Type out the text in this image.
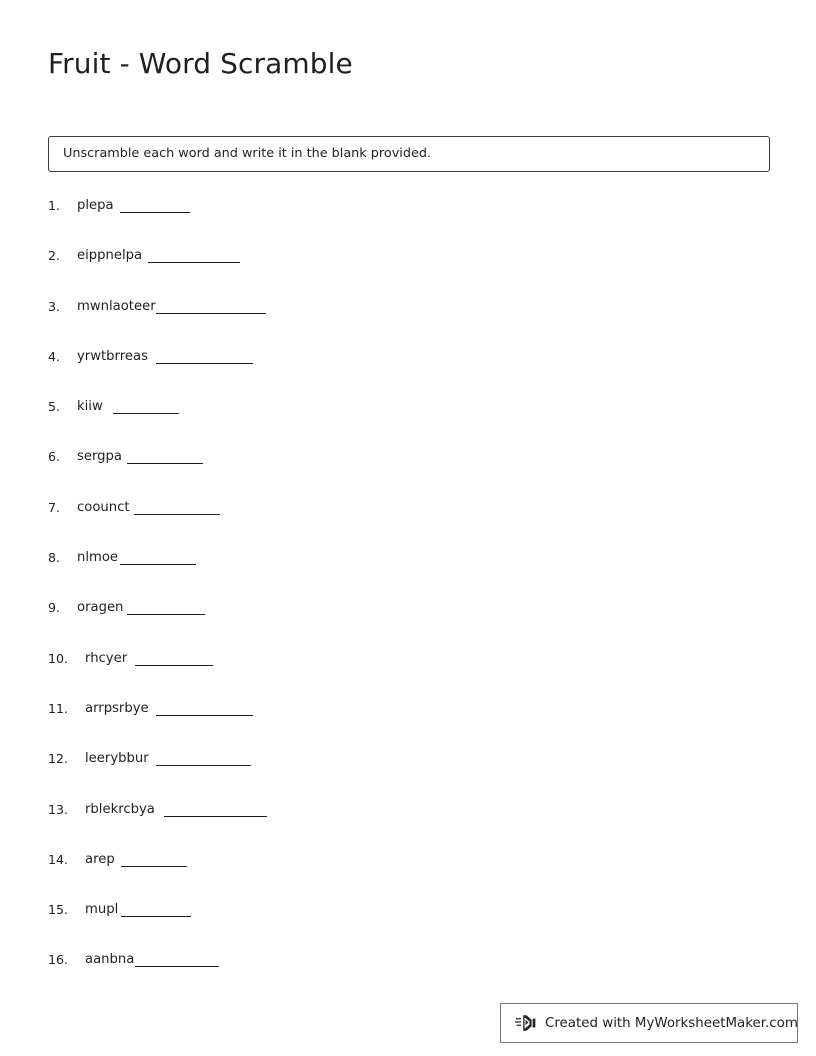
Fruit - Word Scramble
Unscramble each word and write it in the blank provided.
1. plepa
2. eippnelpa
3. mwnlaoteer
4. yrwtbrreas
5. kiiw
6. sergpa
7. coounct
8. nlmoe
9. oragen
10. rhcyer
11. arrpsrbye
12. leerybbur
13. rblekrcbya
14. arep
15. mupl
16. aanbna
Created with MyWorksheetMaker.com
